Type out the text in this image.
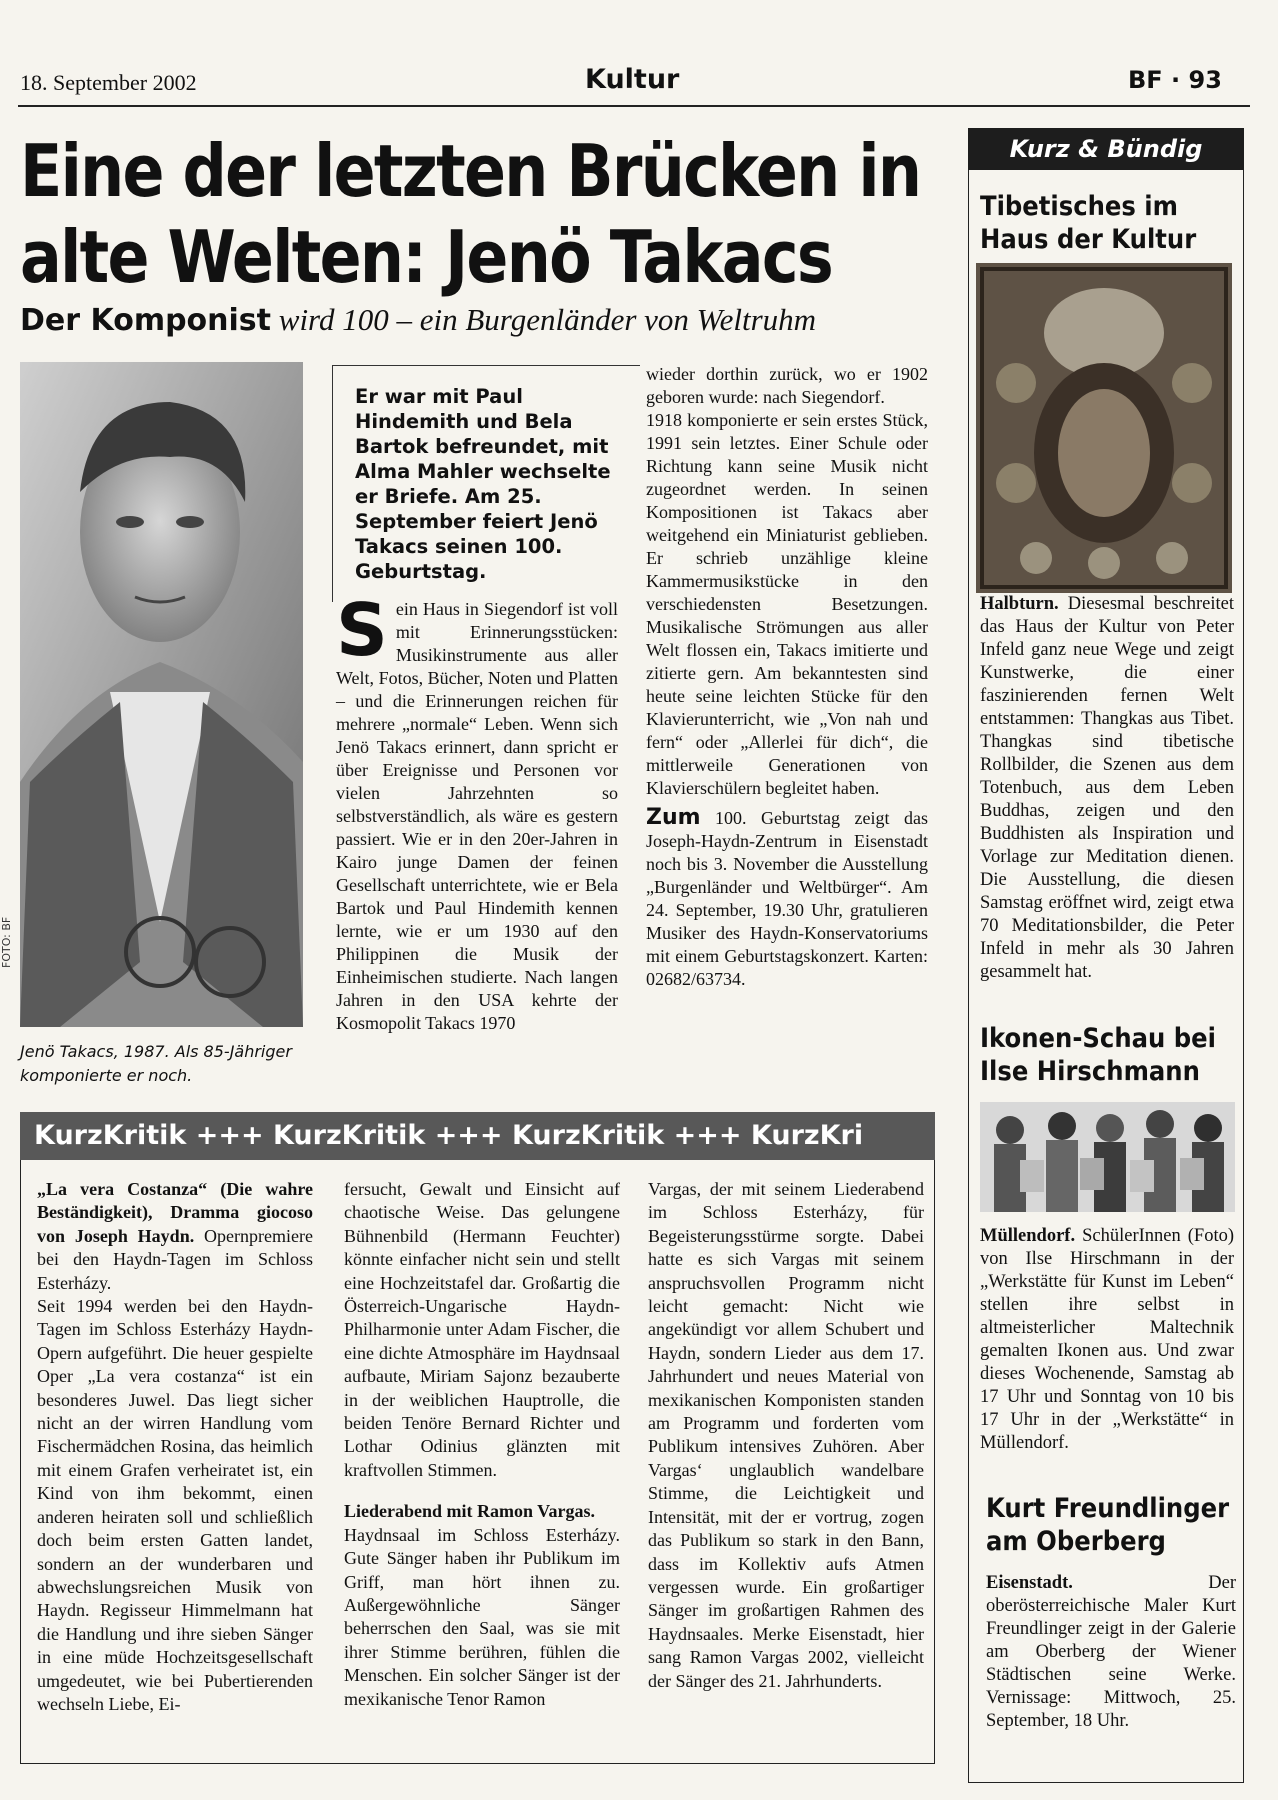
18. September 2002	Kultur	BF · 93
Eine der letzten Brücken in
alte Welten: Jenö Takacs
Der Komponist wird 100 – ein Burgenländer von Weltruhm
FOTO: BF
Jenö Takacs, 1987. Als 85-Jähriger komponierte er noch.
Er war mit Paul Hindemith und Bela Bartok befreundet, mit Alma Mahler wechselte er Briefe. Am 25. September feiert Jenö Takacs seinen 100. Geburtstag.
S ein Haus in Siegendorf ist voll mit Erinnerungsstücken: Musikinstrumente aus aller Welt, Fotos, Bücher, Noten und Platten – und die Erinnerungen reichen für mehrere „normale“ Leben. Wenn sich Jenö Takacs erinnert, dann spricht er über Ereignisse und Personen vor vielen Jahrzehnten so selbstverständlich, als wäre es gestern passiert. Wie er in den 20er-Jahren in Kairo junge Damen der feinen Gesellschaft unterrichtete, wie er Bela Bartok und Paul Hindemith kennen lernte, wie er um 1930 auf den Philippinen die Musik der Einheimischen studierte. Nach langen Jahren in den USA kehrte der Kosmopolit Takacs 1970
wieder dorthin zurück, wo er 1902 geboren wurde: nach Siegendorf.
1918 komponierte er sein erstes Stück, 1991 sein letztes. Einer Schule oder Richtung kann seine Musik nicht zugeordnet werden. In seinen Kompositionen ist Takacs aber weitgehend ein Miniaturist geblieben. Er schrieb unzählige kleine Kammermusikstücke in den verschiedensten Besetzungen. Musikalische Strömungen aus aller Welt flossen ein, Takacs imitierte und zitierte gern. Am bekanntesten sind heute seine leichten Stücke für den Klavierunterricht, wie „Von nah und fern“ oder „Allerlei für dich“, die mittlerweile Generationen von Klavierschülern begleitet haben.
Zum 100. Geburtstag zeigt das Joseph-Haydn-Zentrum in Eisenstadt noch bis 3. November die Ausstellung „Burgenländer und Weltbürger“. Am 24. September, 19.30 Uhr, gratulieren Musiker des Haydn-Konservatoriums mit einem Geburtstagskonzert. Karten: 02682/63734.
KurzKritik +++ KurzKritik +++ KurzKritik +++ KurzKri
„La vera Costanza“ (Die wahre Beständigkeit), Dramma giocoso von Joseph Haydn. Opernpremiere bei den Haydn-Tagen im Schloss Esterházy.
Seit 1994 werden bei den Haydn-Tagen im Schloss Esterházy Haydn-Opern aufgeführt. Die heuer gespielte Oper „La vera costanza“ ist ein besonderes Juwel. Das liegt sicher nicht an der wirren Handlung vom Fischermädchen Rosina, das heimlich mit einem Grafen verheiratet ist, ein Kind von ihm bekommt, einen anderen heiraten soll und schließlich doch beim ersten Gatten landet, sondern an der wunderbaren und abwechslungsreichen Musik von Haydn. Regisseur Himmelmann hat die Handlung und ihre sieben Sänger in eine müde Hochzeitsgesellschaft umgedeutet, wie bei Pubertierenden wechseln Liebe, Ei-
fersucht, Gewalt und Einsicht auf chaotische Weise. Das gelungene Bühnenbild (Hermann Feuchter) könnte einfacher nicht sein und stellt eine Hochzeitstafel dar. Großartig die Österreich-Ungarische Haydn-Philharmonie unter Adam Fischer, die eine dichte Atmosphäre im Haydnsaal aufbaute, Miriam Sajonz bezauberte in der weiblichen Hauptrolle, die beiden Tenöre Bernard Richter und Lothar Odinius glänzten mit kraftvollen Stimmen.
Liederabend mit Ramon Vargas.
Haydnsaal im Schloss Esterházy. Gute Sänger haben ihr Publikum im Griff, man hört ihnen zu. Außergewöhnliche Sänger beherrschen den Saal, was sie mit ihrer Stimme berühren, fühlen die Menschen. Ein solcher Sänger ist der mexikanische Tenor Ramon
Vargas, der mit seinem Liederabend im Schloss Esterházy, für Begeisterungsstürme sorgte. Dabei hatte es sich Vargas mit seinem anspruchsvollen Programm nicht leicht gemacht: Nicht wie angekündigt vor allem Schubert und Haydn, sondern Lieder aus dem 17. Jahrhundert und neues Material von mexikanischen Komponisten standen am Programm und forderten vom Publikum intensives Zuhören. Aber Vargas‘ unglaublich wandelbare Stimme, die Leichtigkeit und Intensität, mit der er vortrug, zogen das Publikum so stark in den Bann, dass im Kollektiv aufs Atmen vergessen wurde. Ein großartiger Sänger im großartigen Rahmen des Haydnsaales. Merke Eisenstadt, hier sang Ramon Vargas 2002, vielleicht der Sänger des 21. Jahrhunderts.
Kurz & Bündig
Tibetisches im Haus der Kultur
Halbturn. Diesesmal beschreitet das Haus der Kultur von Peter Infeld ganz neue Wege und zeigt Kunstwerke, die einer faszinierenden fernen Welt entstammen: Thangkas aus Tibet. Thangkas sind tibetische Rollbilder, die Szenen aus dem Totenbuch, aus dem Leben Buddhas, zeigen und den Buddhisten als Inspiration und Vorlage zur Meditation dienen. Die Ausstellung, die diesen Samstag eröffnet wird, zeigt etwa 70 Meditationsbilder, die Peter Infeld in mehr als 30 Jahren gesammelt hat.
Ikonen-Schau bei Ilse Hirschmann
Müllendorf. SchülerInnen (Foto) von Ilse Hirschmann in der „Werkstätte für Kunst im Leben“ stellen ihre selbst in altmeisterlicher Maltechnik gemalten Ikonen aus. Und zwar dieses Wochenende, Samstag ab 17 Uhr und Sonntag von 10 bis 17 Uhr in der „Werkstätte“ in Müllendorf.
Kurt Freundlinger am Oberberg
Eisenstadt.	Der oberösterreichische Maler Kurt Freundlinger zeigt in der Galerie am Oberberg der Wiener Städtischen seine Werke. Vernissage: Mittwoch, 25. September, 18 Uhr.
